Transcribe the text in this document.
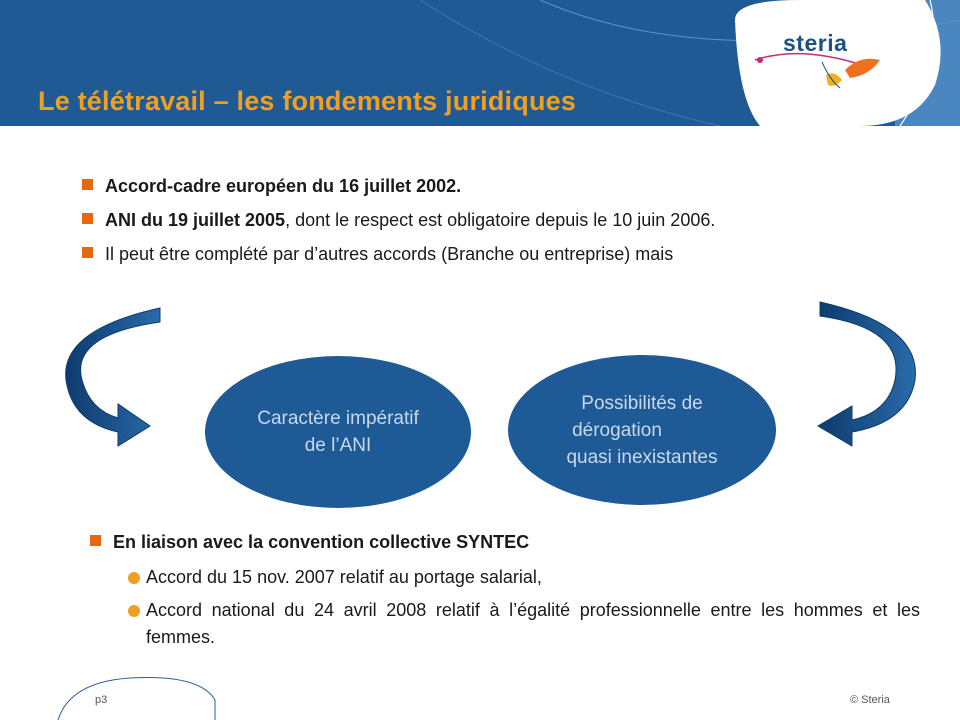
steria
Le télétravail – les fondements juridiques
Accord-cadre européen du 16 juillet 2002.
ANI du 19 juillet 2005, dont le respect est obligatoire depuis le 10 juin 2006.
Il peut être complété par d’autres accords (Branche ou entreprise) mais
Caractère impératif
de l’ANI
Possibilités de
dérogation
quasi inexistantes
En liaison avec la convention collective SYNTEC
Accord du 15 nov. 2007 relatif au portage salarial,
Accord national du 24 avril 2008 relatif à l’égalité professionnelle entre les hommes et les femmes.
p3	© Steria
